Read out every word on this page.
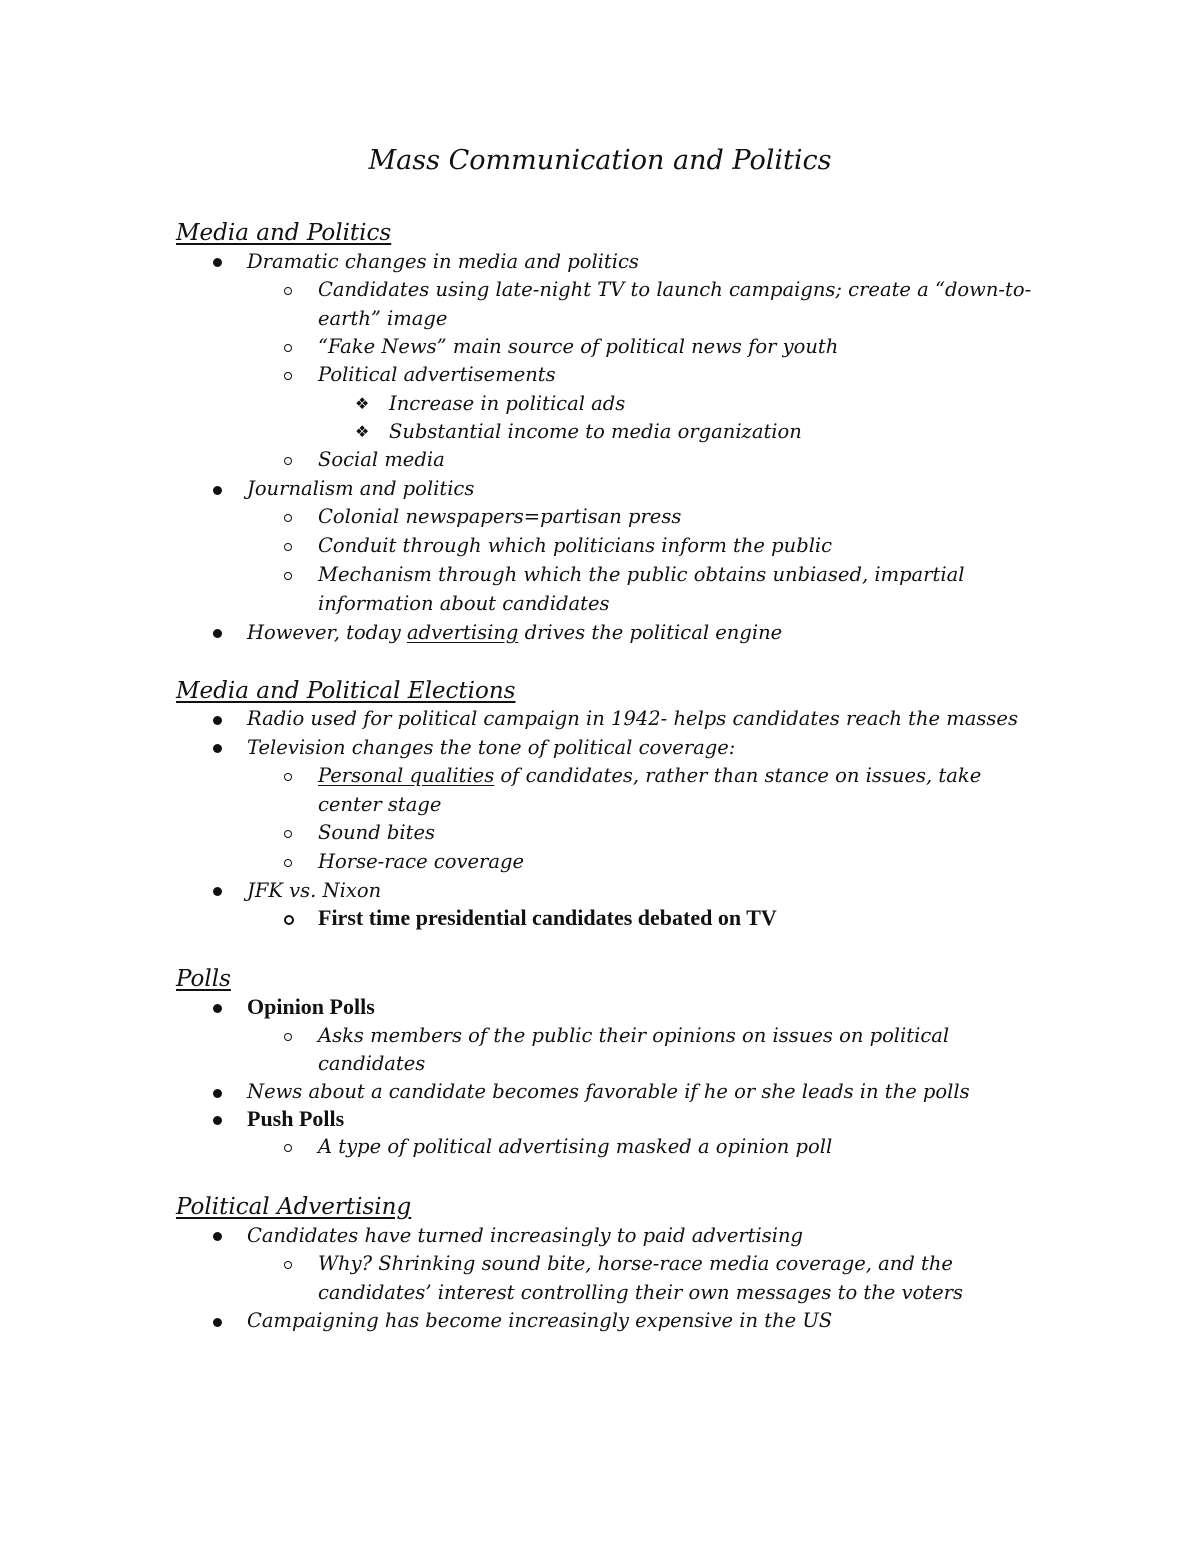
Mass Communication and Politics
Media and Politics
Dramatic changes in media and politics
Candidates using late-night TV to launch campaigns; create a “down-to-
earth” image
“Fake News” main source of political news for youth
Political advertisements
❖ Increase in political ads
❖ Substantial income to media organization
Social media
Journalism and politics
Colonial newspapers=partisan press
Conduit through which politicians inform the public
Mechanism through which the public obtains unbiased, impartial
information about candidates
However, today advertising drives the political engine
Media and Political Elections
Radio used for political campaign in 1942- helps candidates reach the masses
Television changes the tone of political coverage:
Personal qualities of candidates, rather than stance on issues, take
center stage
Sound bites
Horse-race coverage
JFK vs. Nixon
First time presidential candidates debated on TV
Polls
Opinion Polls
Asks members of the public their opinions on issues on political
candidates
News about a candidate becomes favorable if he or she leads in the polls
Push Polls
A type of political advertising masked a opinion poll
Political Advertising
Candidates have turned increasingly to paid advertising
Why? Shrinking sound bite, horse-race media coverage, and the
candidates’ interest controlling their own messages to the voters
Campaigning has become increasingly expensive in the US
